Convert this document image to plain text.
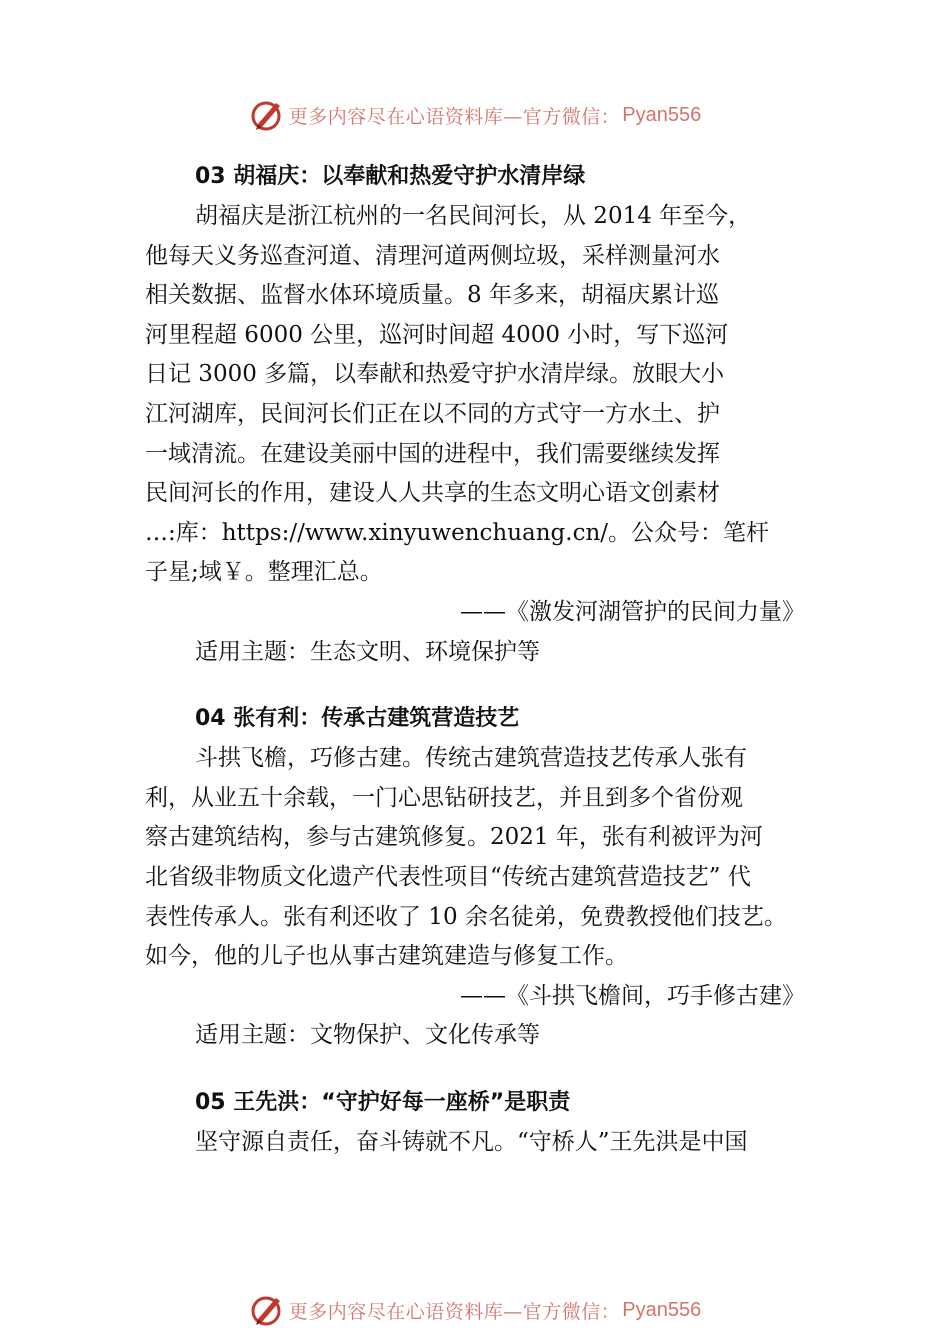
更多内容尽在心语资料库—官方微信： Pyan556
03 胡福庆：以奉献和热爱守护水清岸绿
胡福庆是浙江杭州的一名民间河长，从 2014 年至今，
他每天义务巡查河道、清理河道两侧垃圾，采样测量河水
相关数据、监督水体环境质量。8 年多来，胡福庆累计巡
河里程超 6000 公里，巡河时间超 4000 小时，写下巡河
日记 3000 多篇，以奉献和热爱守护水清岸绿。放眼大小
江河湖库，民间河长们正在以不同的方式守一方水土、护
一域清流。在建设美丽中国的进程中，我们需要继续发挥
民间河长的作用，建设人人共享的生态文明心语文创素材
…:库：https://www.xinyuwenchuang.cn/。公众号：笔杆
子星;域￥。整理汇总。
——《激发河湖管护的民间力量》
适用主题：生态文明、环境保护等
04 张有利：传承古建筑营造技艺
斗拱飞檐，巧修古建。传统古建筑营造技艺传承人张有
利，从业五十余载，一门心思钻研技艺，并且到多个省份观
察古建筑结构，参与古建筑修复。2021 年，张有利被评为河
北省级非物质文化遗产代表性项目“传统古建筑营造技艺” 代
表性传承人。张有利还收了 10 余名徒弟，免费教授他们技艺。
如今，他的儿子也从事古建筑建造与修复工作。
——《斗拱飞檐间，巧手修古建》
适用主题：文物保护、文化传承等
05 王先洪：“守护好每一座桥”是职责
坚守源自责任，奋斗铸就不凡。“守桥人”王先洪是中国
更多内容尽在心语资料库—官方微信： Pyan556
